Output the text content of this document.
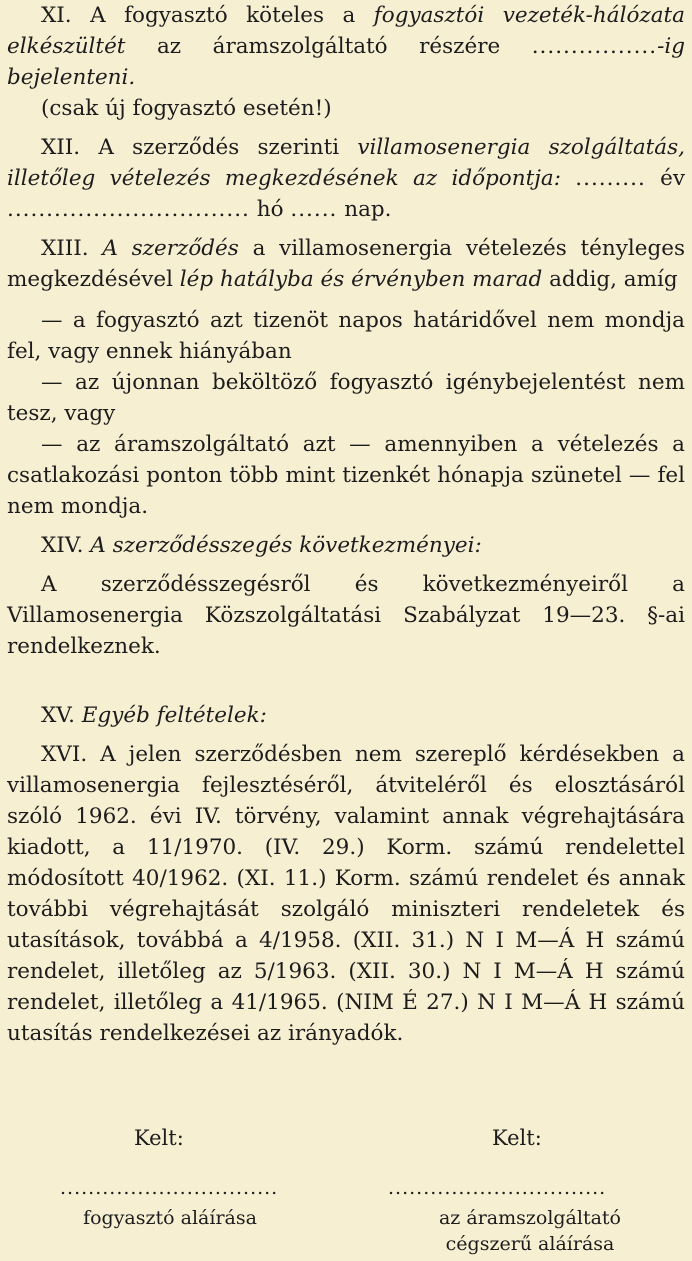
XI. A fogyasztó köteles a fogyasztói vezeték-hálózata elkészültét az áramszolgáltató részére ................-ig bejelenteni.

(csak új fogyasztó esetén!)

XII. A szerződés szerinti villamosenergia szolgáltatás, illetőleg vételezés megkezdésének az időpontja: ......... év ............................... hó ...... nap.

XIII. A szerződés a villamosenergia vételezés tényleges megkezdésével lép hatályba és érvényben marad addig, amíg

— a fogyasztó azt tizenöt napos határidővel nem mondja fel, vagy ennek hiányában

— az újonnan beköltöző fogyasztó igénybejelentést nem tesz, vagy

— az áramszolgáltató azt — amennyiben a vételezés a csatlakozási ponton több mint tizenkét hónapja szünetel — fel nem mondja.

XIV. A szerződésszegés következményei:

A szerződésszegésről és következményeiről a Villamosenergia Közszolgáltatási Szabályzat 19—23. §-ai rendelkeznek.

XV. Egyéb feltételek:

XVI. A jelen szerződésben nem szereplő kérdésekben a villamosenergia fejlesztéséről, átviteléről és elosztásáról szóló 1962. évi IV. törvény, valamint annak végrehajtására kiadott, a 11/1970. (IV. 29.) Korm. számú rendelettel módosított 40/1962. (XI. 11.) Korm. számú rendelet és annak további végrehajtását szolgáló miniszteri rendeletek és utasítások, továbbá a 4/1958. (XII. 31.) N I M—Á H számú rendelet, illetőleg az 5/1963. (XII. 30.) N I M—Á H számú rendelet, illetőleg a 41/1965. (NIM É 27.) N I M—Á H számú utasítás rendelkezései az irányadók.

Kelt:	Kelt:
...............................	...............................
fogyasztó aláírása	az áramszolgáltató
cégszerű aláírása
